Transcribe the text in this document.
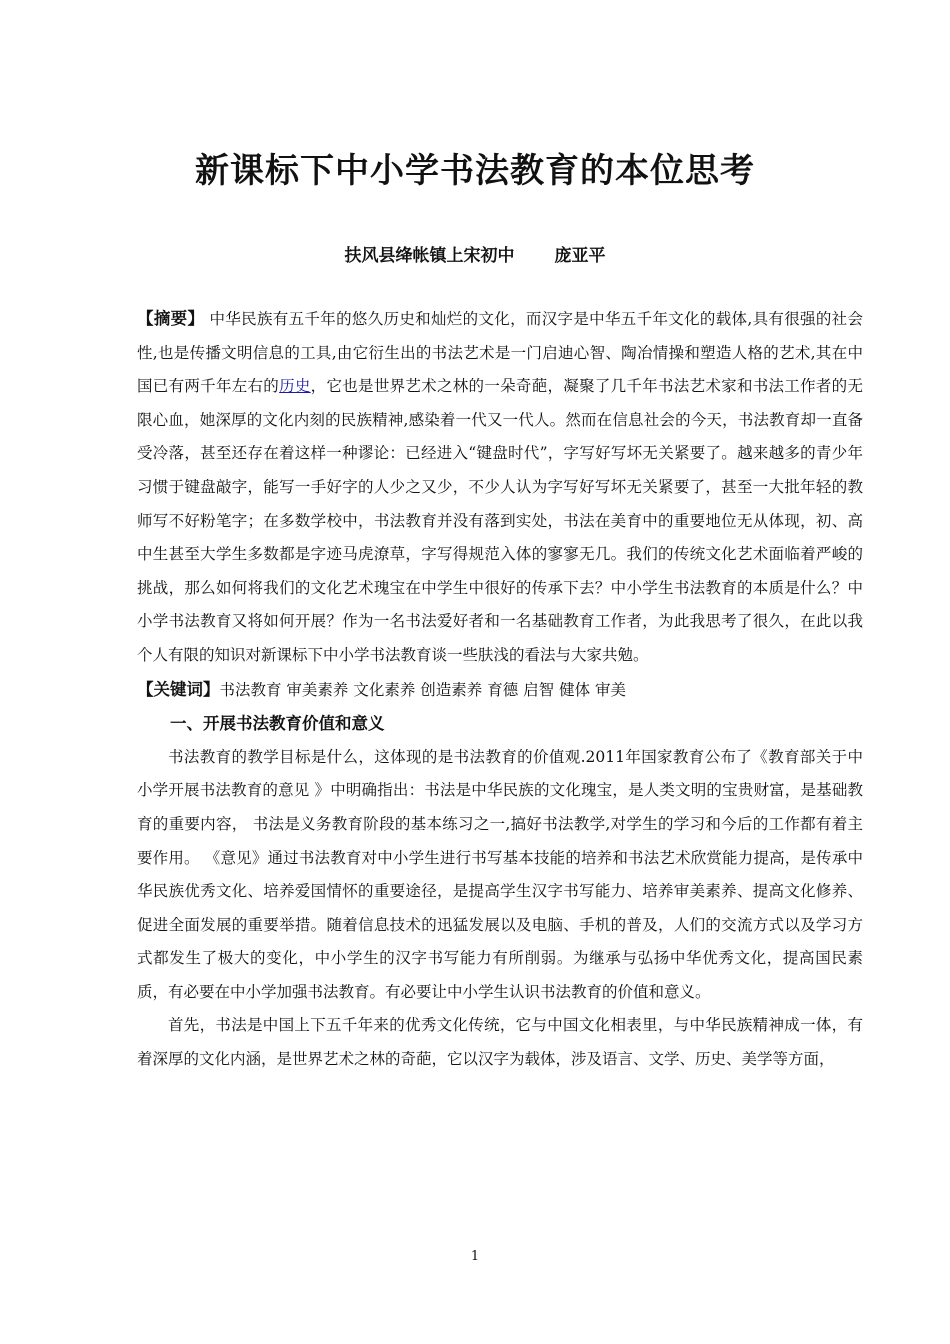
新课标下中小学书法教育的本位思考
扶风县绛帐镇上宋初中 庞亚平

【摘要】 中华民族有五千年的悠久历史和灿烂的文化，而汉字是中华五千年文化的载体,具有很强的社会性,也是传播文明信息的工具,由它衍生出的书法艺术是一门启迪心智、陶冶情操和塑造人格的艺术,其在中国已有两千年左右的历史，它也是世界艺术之林的一朵奇葩，凝聚了几千年书法艺术家和书法工作者的无限心血，她深厚的文化内刻的民族精神,感染着一代又一代人。然而在信息社会的今天，书法教育却一直备受冷落，甚至还存在着这样一种谬论：已经进入“键盘时代”，字写好写坏无关紧要了。越来越多的青少年习惯于键盘敲字，能写一手好字的人少之又少，不少人认为字写好写坏无关紧要了，甚至一大批年轻的教 师写不好粉笔字；在多数学校中，书法教育并没有落到实处，书法在美育中的重要地位无从体现，初、高中生甚至大学生多数都是字迹马虎潦草，字写得规范入体的寥寥无几。我们的传统文化艺术面临着严峻的挑战，那么如何将我们的文化艺术瑰宝在中学生中很好的传承下去？中小学生书法教育的本质是什么？中小学书法教育又将如何开展？作为一名书法爱好者和一名基础教育工作者，为此我思考了很久，在此以我个人有限的知识对新课标下中小学书法教育谈一些肤浅的看法与大家共勉。

【关键词】书法教育 审美素养 文化素养 创造素养 育德 启智 健体 审美

一、开展书法教育价值和意义

书法教育的教学目标是什么，这体现的是书法教育的价值观.2011年国家教育公布了《教育部关于中小学开展书法教育的意见 》中明确指出：书法是中华民族的文化瑰宝，是人类文明的宝贵财富，是基础教育的重要内容， 书法是义务教育阶段的基本练习之一,搞好书法教学,对学生的学习和今后的工作都有着主要作用。 《意见》通过书法教育对中小学生进行书写基本技能的培养和书法艺术欣赏能力提高，是传承中华民族优秀文化、培养爱国情怀的重要途径，是提高学生汉字书写能力、培养审美素养、提高文化修养、促进全面发展的重要举措。随着信息技术的迅猛发展以及电脑、手机的普及，人们的交流方式以及学习方式都发生了极大的变化，中小学生的汉字书写能力有所削弱。为继承与弘扬中华优秀文化，提高国民素质，有必要在中小学加强书法教育。有必要让中小学生认识书法教育的价值和意义。

首先，书法是中国上下五千年来的优秀文化传统，它与中国文化相表里，与中华民族精神成一体，有着深厚的文化内涵，是世界艺术之林的奇葩，它以汉字为载体，涉及语言、文学、历史、美学等方面，

1
